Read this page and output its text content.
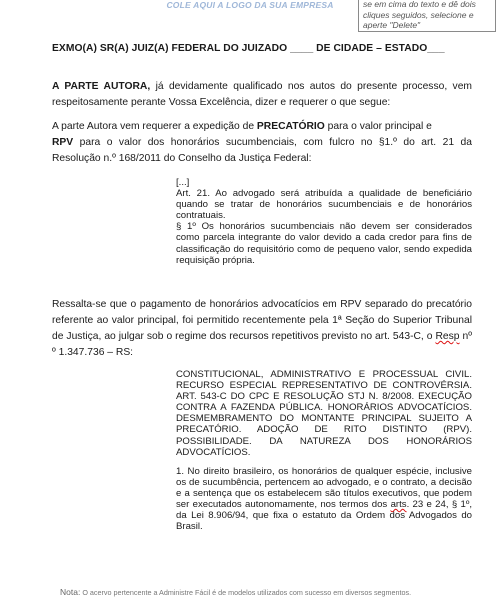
COLE AQUI A LOGO DA SUA EMPRESA	se em cima do texto e dê dois cliques seguidos, selecione e aperte "Delete"
EXMO(A) SR(A) JUIZ(A) FEDERAL DO JUIZADO ____ DE CIDADE – ESTADO___
A PARTE AUTORA, já devidamente qualificado nos autos do presente processo, vem respeitosamente perante Vossa Excelência, dizer e requerer o que segue:
A parte Autora vem requerer a expedição de PRECATÓRIO para o valor principal e
RPV para o valor dos honorários sucumbenciais, com fulcro no §1.º do art. 21 da Resolução n.º 168/2011 do Conselho da Justiça Federal:

[...]

Art. 21. Ao advogado será atribuída a qualidade de beneficiário quando se tratar de honorários sucumbenciais e de honorários contratuais.

§ 1º Os honorários sucumbenciais não devem ser considerados como parcela integrante do valor devido a cada credor para fins de classificação do requisitório como de pequeno valor, sendo expedida requisição própria.

Ressalta-se que o pagamento de honorários advocatícios em RPV separado do precatório referente ao valor principal, foi permitido recentemente pela 1ª Seção do Superior Tribunal de Justiça, ao julgar sob o regime dos recursos repetitivos previsto no art. 543-C, o Resp nº º 1.347.736 – RS:

CONSTITUCIONAL, ADMINISTRATIVO E PROCESSUAL CIVIL. RECURSO ESPECIAL REPRESENTATIVO DE CONTROVÉRSIA. ART. 543-C DO CPC E RESOLUÇÃO STJ N. 8/2008. EXECUÇÃO CONTRA A FAZENDA PÚBLICA. HONORÁRIOS ADVOCATÍCIOS. DESMEMBRAMENTO DO MONTANTE PRINCIPAL SUJEITO A PRECATÓRIO. ADOÇÃO DE RITO DISTINTO (RPV). POSSIBILIDADE. DA NATUREZA DOS HONORÁRIOS ADVOCATÍCIOS.

1. No direito brasileiro, os honorários de qualquer espécie, inclusive os de sucumbência, pertencem ao advogado, e o contrato, a decisão e a sentença que os estabelecem são títulos executivos, que podem ser executados autonomamente, nos termos dos arts. 23 e 24, § 1º, da Lei 8.906/94, que fixa o estatuto da Ordem dos Advogados do Brasil.

Nota: O acervo pertencente a Administre Fácil é de modelos utilizados com sucesso em diversos segmentos.
